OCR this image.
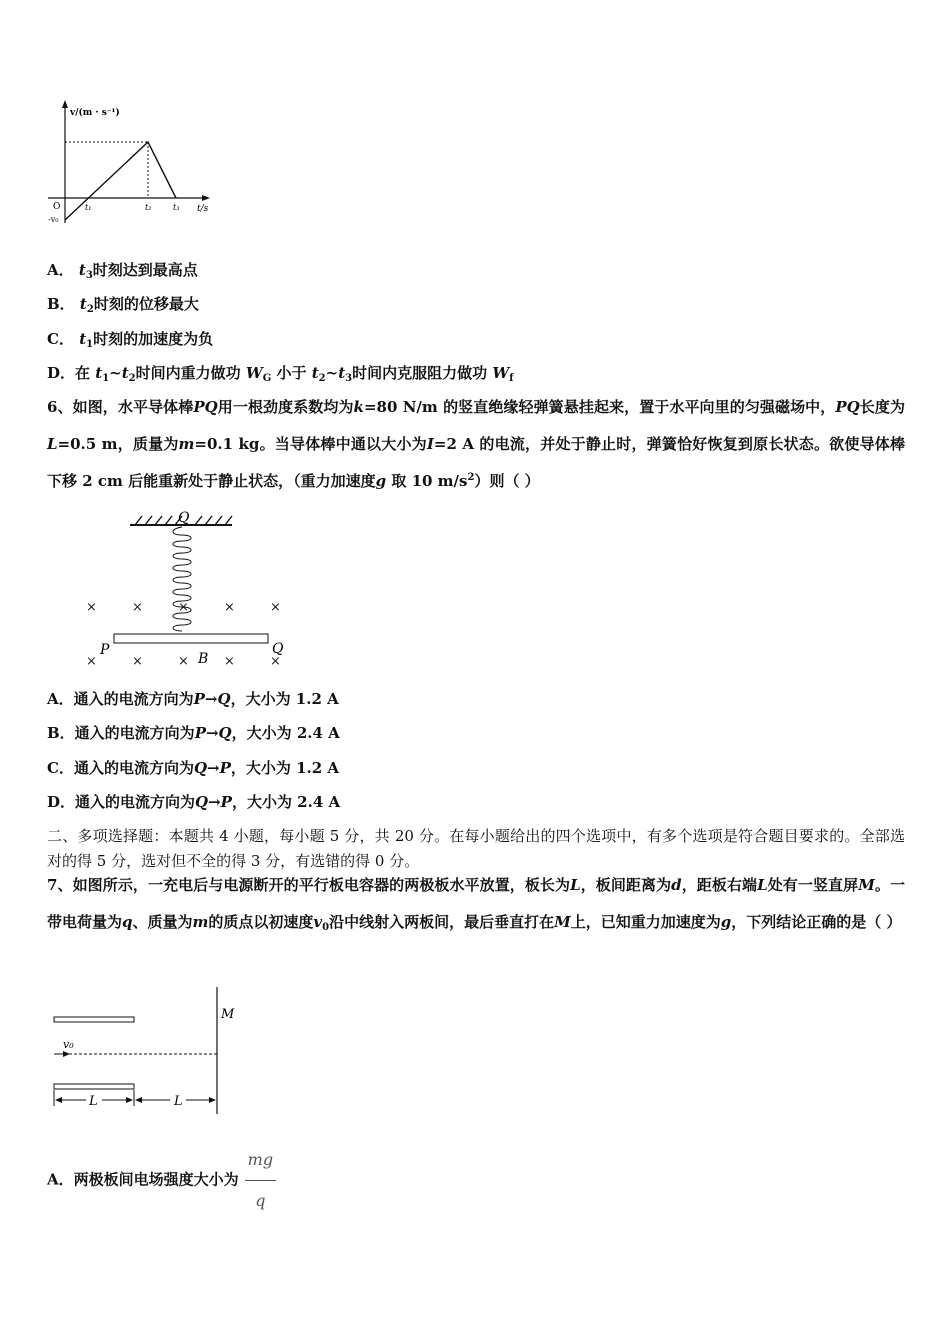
v/(m · s⁻¹)
t/s
O
-v₀
t₁	t₂	t₃
A． $t_3$时刻达到最高点
B． $t_2$时刻的位移最大
C． $t_1$时刻的加速度为负
D．在 $t_1\sim t_2$时间内重力做功 $W_G$ 小于 $t_2\sim t_3$时间内克服阻力做功 $W_f$
6、如图，水平导体棒PQ用一根劲度系数均为k=80 N/m 的竖直绝缘轻弹簧悬挂起来，置于水平向里的匀强磁场中，PQ长度为L=0.5 m，质量为m=0.1 kg。当导体棒中通以大小为I=2 A 的电流，并处于静止时，弹簧恰好恢复到原长状态。欲使导体棒下移 2 cm 后能重新处于静止状态，（重力加速度g 取 10 $m/s^2$）则（ ）
Q
×	×	×	×	×
×	×	×	×	×
P	Q
B
A．通入的电流方向为P→Q，大小为 1.2 A
B．通入的电流方向为P→Q，大小为 2.4 A
C．通入的电流方向为Q→P，大小为 1.2 A
D．通入的电流方向为Q→P，大小为 2.4 A
二、多项选择题：本题共 4 小题，每小题 5 分，共 20 分。在每小题给出的四个选项中，有多个选项是符合题目要求的。全部选对的得 5 分，选对但不全的得 3 分，有选错的得 0 分。
7、如图所示，一充电后与电源断开的平行板电容器的两极板水平放置，板长为L，板间距离为d，距板右端L处有一竖直屏M。一带电荷量为q、质量为m的质点以初速度$v_0$沿中线射入两板间，最后垂直打在M上，已知重力加速度为g，下列结论正确的是（ ）
M
v₀
L	L
A．两极板间电场强度大小为 $\frac{mg}{q}$
